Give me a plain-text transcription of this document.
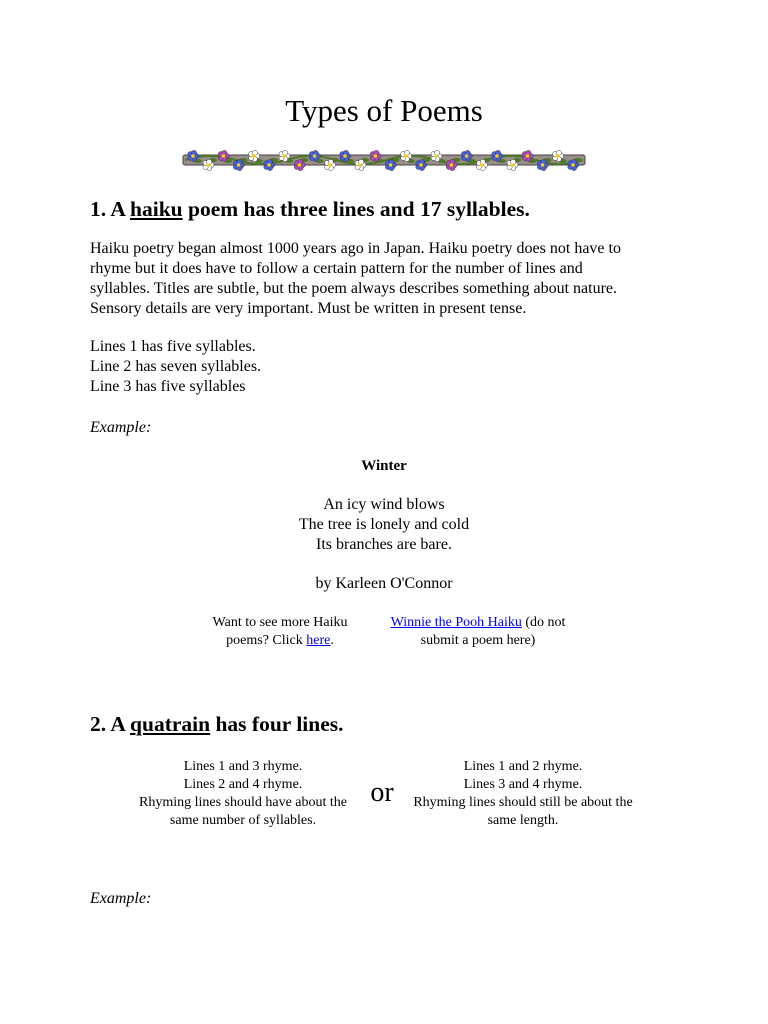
Types of Poems
1. A haiku poem has three lines and 17 syllables.
Haiku poetry began almost 1000 years ago in Japan. Haiku poetry does not have to
rhyme but it does have to follow a certain pattern for the number of lines and
syllables. Titles are subtle, but the poem always describes something about nature.
Sensory details are very important. Must be written in present tense.
Lines 1 has five syllables.
Line 2 has seven syllables.
Line 3 has five syllables
Example:
Winter
An icy wind blows
The tree is lonely and cold
Its branches are bare.
by Karleen O'Connor
Want to see more Haiku
poems? Click here.
Winnie the Pooh Haiku (do not
submit a poem here)
2. A quatrain has four lines.
Lines 1 and 3 rhyme.
Lines 2 and 4 rhyme.
Rhyming lines should have about the
same number of syllables.
or
Lines 1 and 2 rhyme.
Lines 3 and 4 rhyme.
Rhyming lines should still be about the
same length.
Example:
